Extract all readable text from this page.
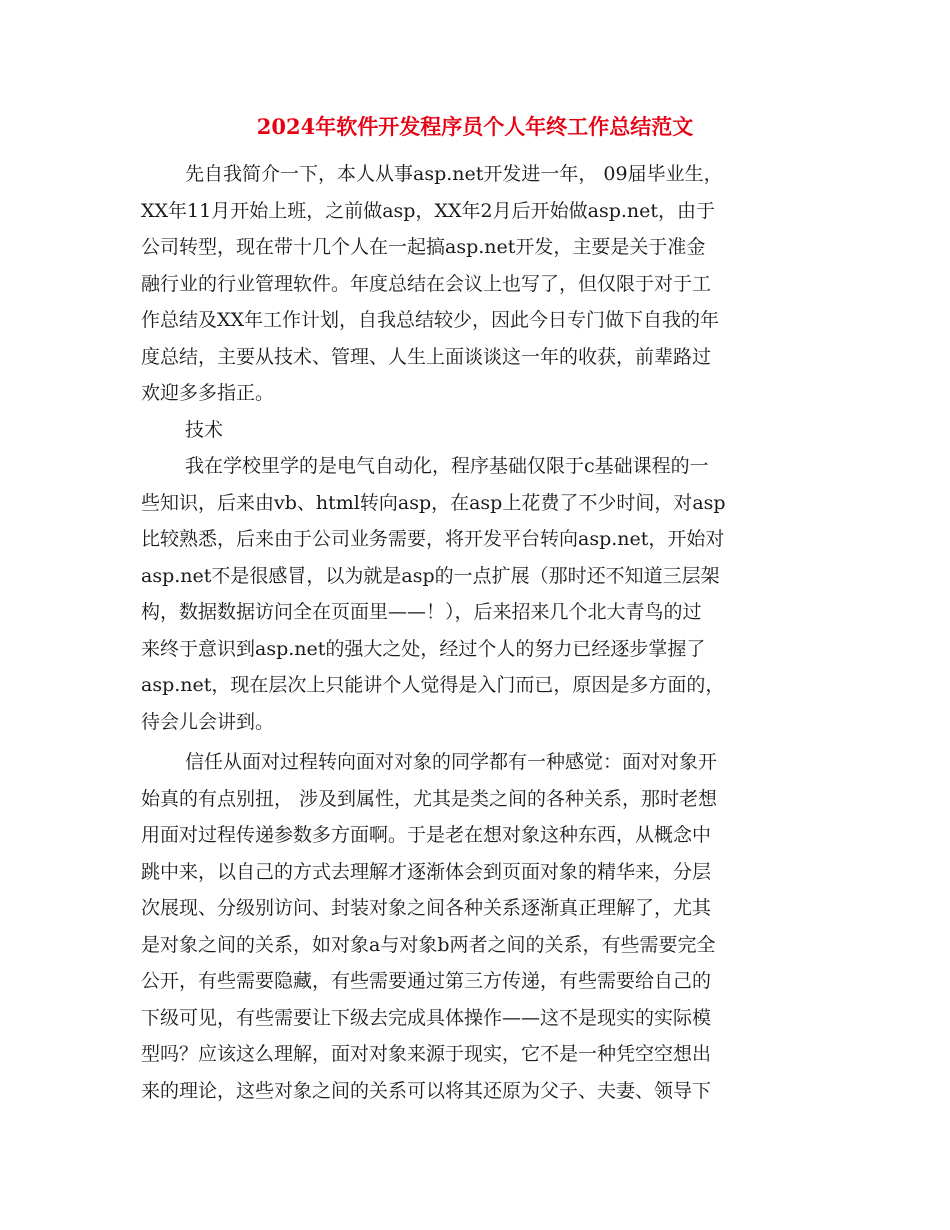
2024年软件开发程序员个人年终工作总结范文
先自我简介一下，本人从事asp.net开发进一年， 09届毕业生，
XX年11月开始上班，之前做asp，XX年2月后开始做asp.net，由于
公司转型，现在带十几个人在一起搞asp.net开发，主要是关于准金
融行业的行业管理软件。年度总结在会议上也写了，但仅限于对于工
作总结及XX年工作计划，自我总结较少，因此今日专门做下自我的年
度总结，主要从技术、管理、人生上面谈谈这一年的收获，前辈路过
欢迎多多指正。
技术
我在学校里学的是电气自动化，程序基础仅限于c基础课程的一
些知识，后来由vb、html转向asp，在asp上花费了不少时间，对asp
比较熟悉，后来由于公司业务需要，将开发平台转向asp.net，开始对
asp.net不是很感冒，以为就是asp的一点扩展（那时还不知道三层架
构，数据数据访问全在页面里——！），后来招来几个北大青鸟的过
来终于意识到asp.net的强大之处，经过个人的努力已经逐步掌握了
asp.net，现在层次上只能讲个人觉得是入门而已，原因是多方面的，
待会儿会讲到。
信任从面对过程转向面对对象的同学都有一种感觉：面对对象开
始真的有点别扭， 涉及到属性，尤其是类之间的各种关系，那时老想
用面对过程传递参数多方面啊。于是老在想对象这种东西，从概念中
跳中来，以自己的方式去理解才逐渐体会到页面对象的精华来，分层
次展现、分级别访问、封装对象之间各种关系逐渐真正理解了，尤其
是对象之间的关系，如对象a与对象b两者之间的关系，有些需要完全
公开，有些需要隐藏，有些需要通过第三方传递，有些需要给自己的
下级可见，有些需要让下级去完成具体操作——这不是现实的实际模
型吗？应该这么理解，面对对象来源于现实，它不是一种凭空空想出
来的理论，这些对象之间的关系可以将其还原为父子、夫妻、领导下
